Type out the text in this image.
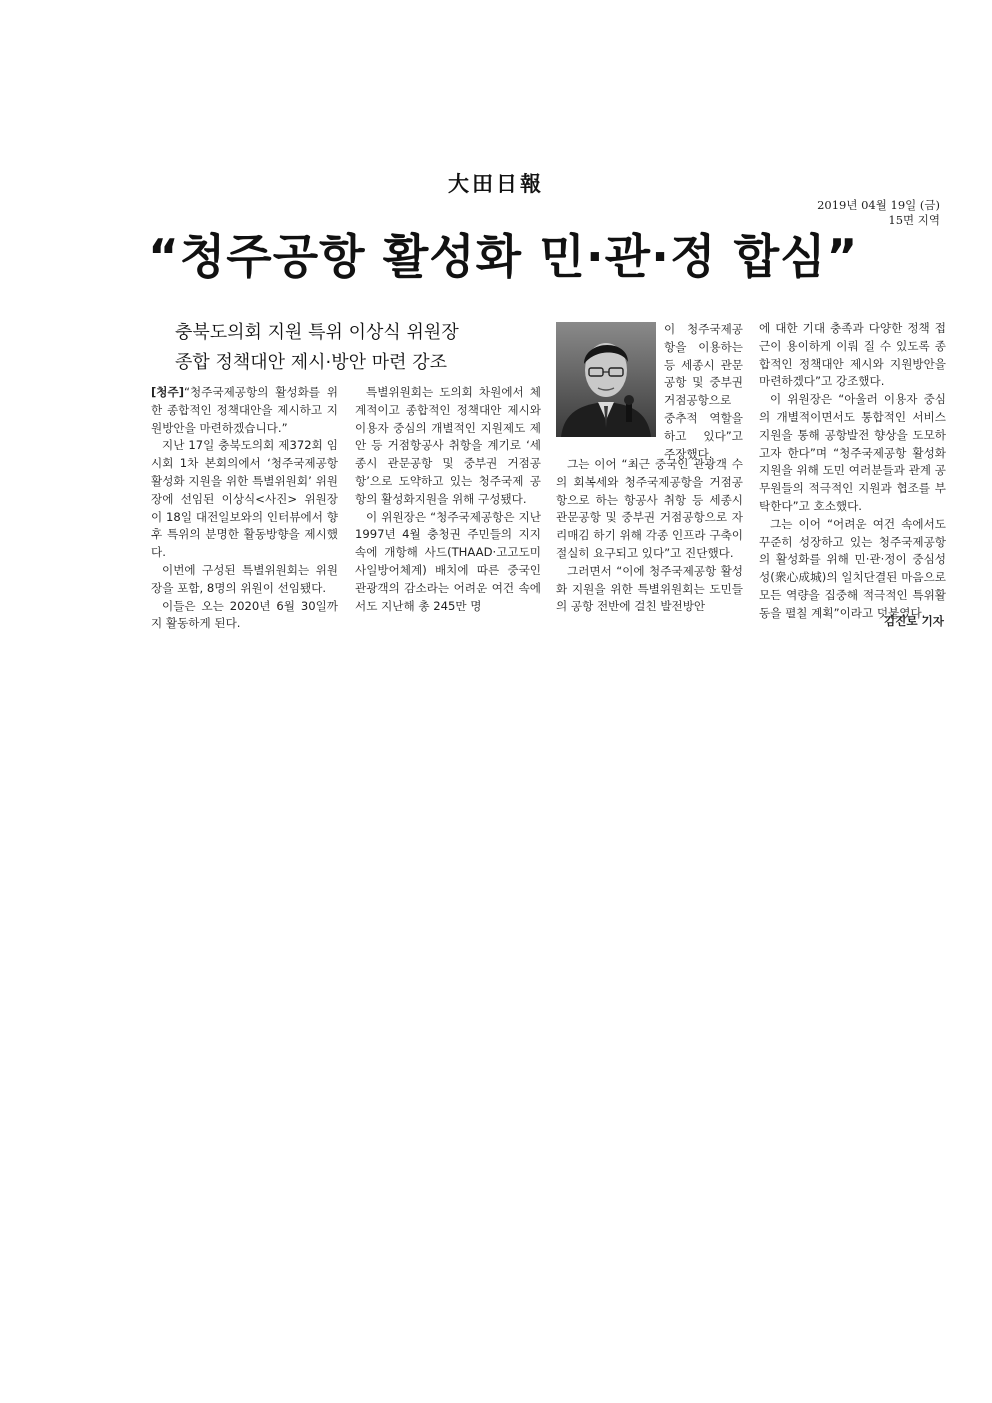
大田日報
2019년 04월 19일 (금)
15면 지역
“청주공항 활성화 민·관·정 합심”
충북도의회 지원 특위 이상식 위원장
종합 정책대안 제시·방안 마련 강조

[청주]“청주국제공항의 활성화를 위한 종합적인 정책대안을 제시하고 지원방안을 마련하겠습니다.”

지난 17일 충북도의회 제372회 임시회 1차 본회의에서 ‘청주국제공항 활성화 지원을 위한 특별위원회’ 위원장에 선임된 이상식<사진> 위원장이 18일 대전일보와의 인터뷰에서 향후 특위의 분명한 활동방향을 제시했다.

이번에 구성된 특별위원회는 위원장을 포함, 8명의 위원이 선임됐다.

이들은 오는 2020년 6월 30일까지 활동하게 된다.

특별위원회는 도의회 차원에서 체계적이고 종합적인 정책대안 제시와 이용자 중심의 개별적인 지원제도 제안 등 거점항공사 취항을 계기로 ‘세종시 관문공항 및 중부권 거점공항’으로 도약하고 있는 청주국제 공항의 활성화지원을 위해 구성됐다.

이 위원장은 “청주국제공항은 지난 1997년 4월 충청권 주민들의 지지 속에 개항해 사드(THAAD·고고도미사일방어체계) 배치에 따른 중국인 관광객의 감소라는 어려운 여건 속에서도 지난해 총 245만 명

이 청주국제공항을 이용하는 등 세종시 관문공항 및 중부권 거점공항으로 중추적 역할을 하고 있다”고 주장했다.

그는 이어 “최근 중국인 관광객 수의 회복세와 청주국제공항을 거점공항으로 하는 항공사 취항 등 세종시 관문공항 및 중부권 거점공항으로 자리매김 하기 위해 각종 인프라 구축이 절실히 요구되고 있다”고 진단했다.

그러면서 “이에 청주국제공항 활성화 지원을 위한 특별위원회는 도민들의 공항 전반에 걸친 발전방안

에 대한 기대 충족과 다양한 정책 접근이 용이하게 이뤄 질 수 있도록 종합적인 정책대안 제시와 지원방안을 마련하겠다”고 강조했다.

이 위원장은 “아울러 이용자 중심의 개별적이면서도 통합적인 서비스 지원을 통해 공항발전 향상을 도모하고자 한다”며 “청주국제공항 활성화 지원을 위해 도민 여러분들과 관계 공무원들의 적극적인 지원과 협조를 부탁한다”고 호소했다.

그는 이어 “어려운 여건 속에서도 꾸준히 성장하고 있는 청주국제공항의 활성화를 위해 민·관·정이 중심성성(衆心成城)의 일치단결된 마음으로 모든 역량을 집중해 적극적인 특위활동을 펼칠 계획”이라고 덧붙였다.

김진로 기자
